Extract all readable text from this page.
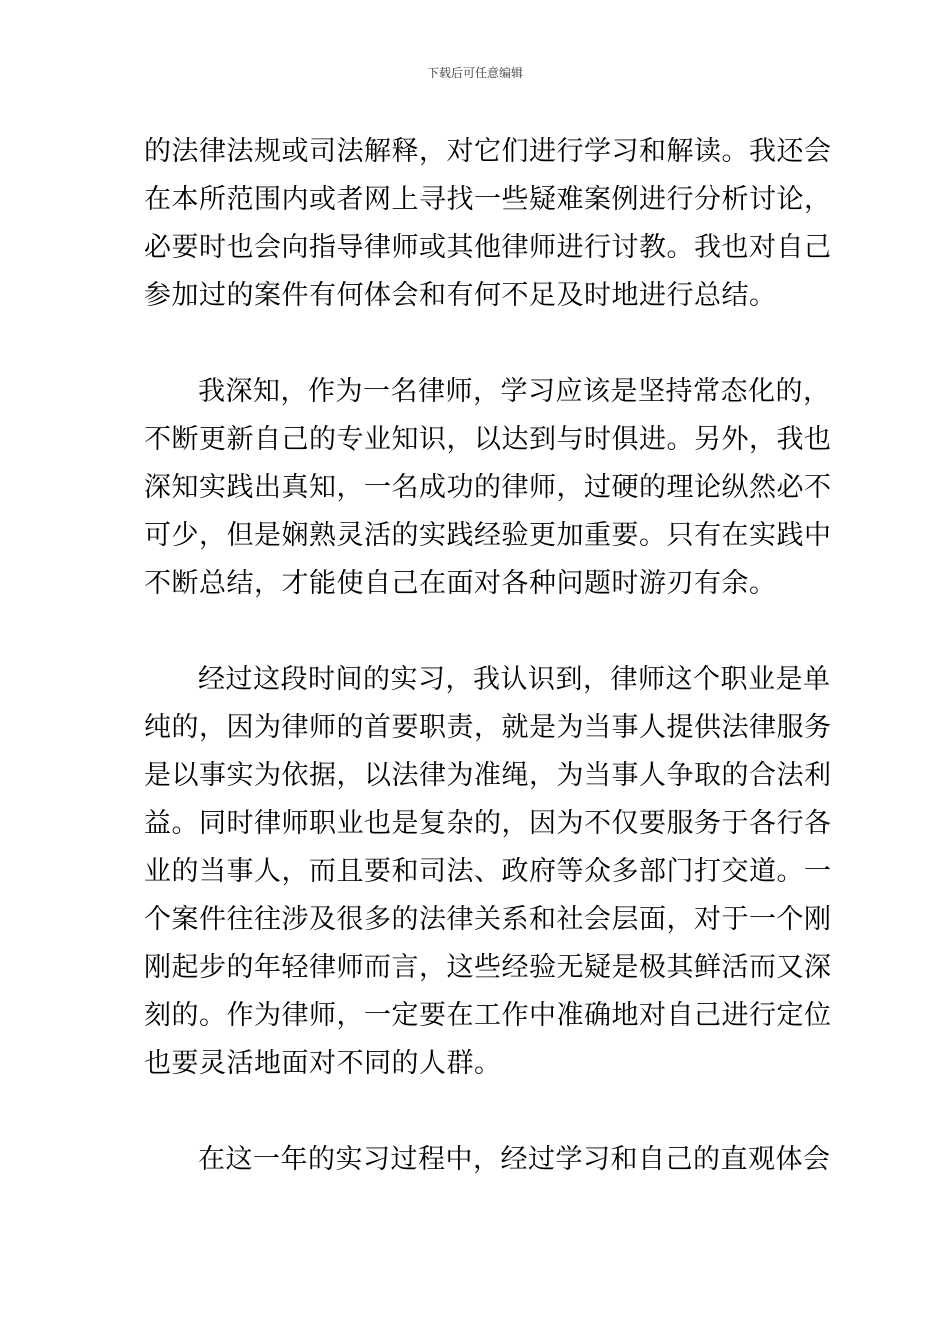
下载后可任意编辑
的法律法规或司法解释，对它们进行学习和解读。我还会
在本所范围内或者网上寻找一些疑难案例进行分析讨论，
必要时也会向指导律师或其他律师进行讨教。我也对自己
参加过的案件有何体会和有何不足及时地进行总结。
我深知，作为一名律师，学习应该是坚持常态化的，
不断更新自己的专业知识，以达到与时俱进。另外，我也
深知实践出真知，一名成功的律师，过硬的理论纵然必不
可少，但是娴熟灵活的实践经验更加重要。只有在实践中
不断总结，才能使自己在面对各种问题时游刃有余。
经过这段时间的实习，我认识到，律师这个职业是单
纯的，因为律师的首要职责，就是为当事人提供法律服务
是以事实为依据，以法律为准绳，为当事人争取的合法利
益。同时律师职业也是复杂的，因为不仅要服务于各行各
业的当事人，而且要和司法、政府等众多部门打交道。一
个案件往往涉及很多的法律关系和社会层面，对于一个刚
刚起步的年轻律师而言，这些经验无疑是极其鲜活而又深
刻的。作为律师，一定要在工作中准确地对自己进行定位
也要灵活地面对不同的人群。
在这一年的实习过程中，经过学习和自己的直观体会
